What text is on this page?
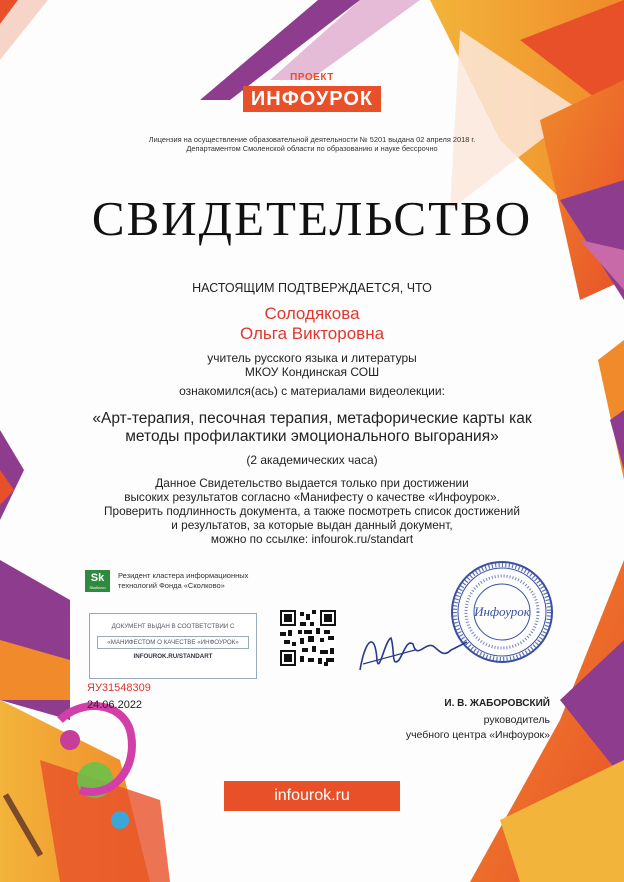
ПРОЕКТ
ИНФОУРОК
Лицензия на осуществление образовательной деятельности № 5201 выдана 02 апреля 2018 г.
Департаментом Смоленской области по образованию и науке бессрочно
СВИДЕТЕЛЬСТВО
НАСТОЯЩИМ ПОДТВЕРЖДАЕТСЯ, ЧТО
Солодякова
Ольга Викторовна
учитель русского языка и литературы
МКОУ Кондинская СОШ
ознакомился(ась) с материалами видеолекции:
«Арт-терапия, песочная терапия, метафорические карты как
методы профилактики эмоционального выгорания»
(2 академических часа)
Данное Свидетельство выдается только при достижении
высоких результатов согласно «Манифесту о качестве «Инфоурок».
Проверить подлинность документа, а также посмотреть список достижений
и результатов, за которые выдан данный документ,
можно по ссылке: infourok.ru/standart
Sk
Skolkovo
Резидент кластера информационных
технологий Фонда «Сколково»
ДОКУМЕНТ ВЫДАН В СООТВЕТСТВИИ С
«МАНИФЕСТОМ О КАЧЕСТВЕ «ИНФОУРОК»
INFOUROK.RU/STANDART
ЯУ31548309
24.06.2022
Инфоурок
И. В. ЖАБОРОВСКИЙ
руководитель
учебного центра «Инфоурок»
infourok.ru
